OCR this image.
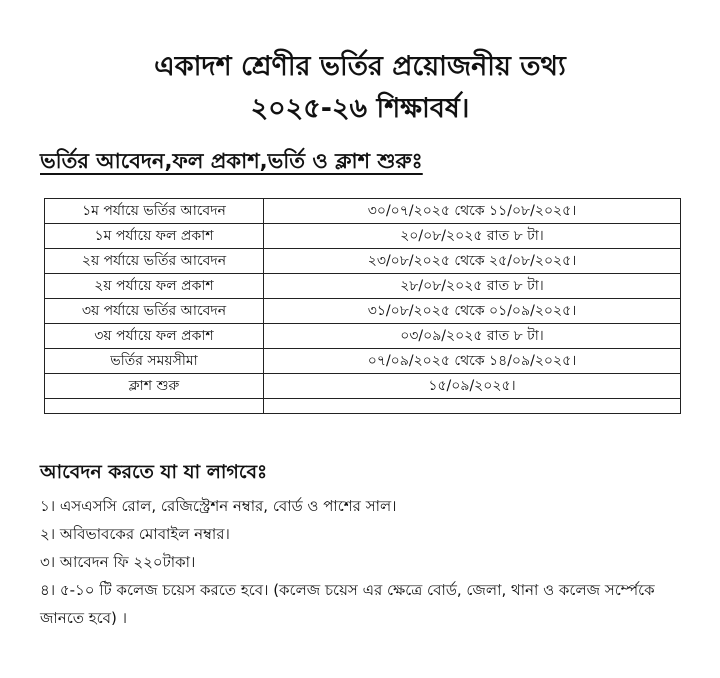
একাদশ শ্রেণীর ভর্তির প্রয়োজনীয় তথ্য
২০২৫-২৬ শিক্ষাবর্ষ।
ভর্তির আবেদন,ফল প্রকাশ,ভর্তি ও ক্লাশ শুরুঃ
১ম পর্যায়ে ভর্তির আবেদন	৩০/০৭/২০২৫ থেকে ১১/০৮/২০২৫।
১ম পর্যায়ে ফল প্রকাশ	২০/০৮/২০২৫ রাত ৮ টা।
২য় পর্যায়ে ভর্তির আবেদন	২৩/০৮/২০২৫ থেকে ২৫/০৮/২০২৫।
২য় পর্যায়ে ফল প্রকাশ	২৮/০৮/২০২৫ রাত ৮ টা।
৩য় পর্যায়ে ভর্তির আবেদন	৩১/০৮/২০২৫ থেকে ০১/০৯/২০২৫।
৩য় পর্যায়ে ফল প্রকাশ	০৩/০৯/২০২৫ রাত ৮ টা।
ভর্তির সময়সীমা	০৭/০৯/২০২৫ থেকে ১৪/০৯/২০২৫।
ক্লাশ শুরু	১৫/০৯/২০২৫।

আবেদন করতে যা যা লাগবেঃ
১। এসএসসি রোল, রেজিস্ট্রেশন নম্বার, বোর্ড ও পাশের সাল।
২। অবিভাবকের মোবাইল নম্বার।
৩। আবেদন ফি ২২০টাকা।
৪। ৫-১০ টি কলেজ চয়েস করতে হবে। (কলেজ চয়েস এর ক্ষেত্রে বোর্ড, জেলা, থানা ও কলেজ সর্ম্পেকে জানতে হবে) ।
